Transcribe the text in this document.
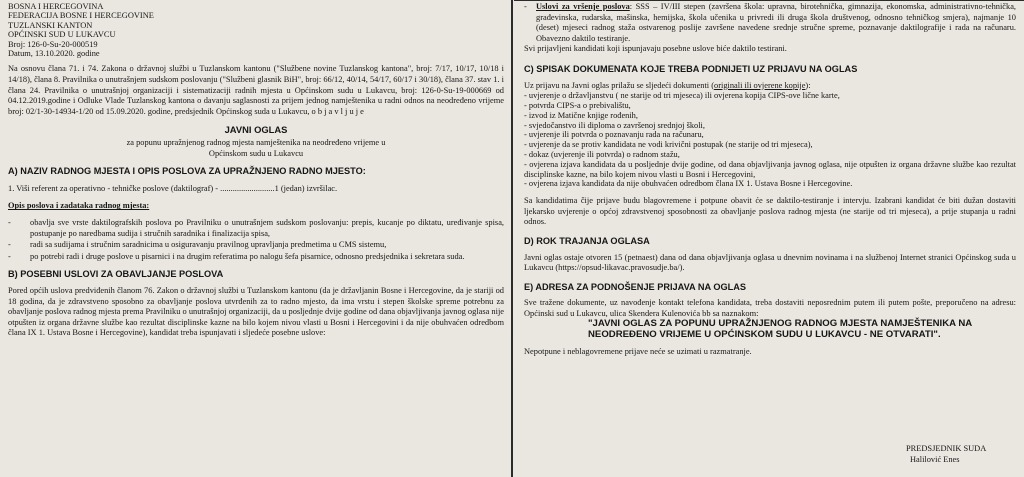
BOSNA I HERCEGOVINA

FEDERACIJA BOSNE I HERCEGOVINE

TUZLANSKI KANTON

OPĆINSKI SUD U LUKAVCU

Broj: 126-0-Su-20-000519

Datum, 13.10.2020. godine

Na osnovu člana 71. i 74. Zakona o državnoj službi u Tuzlanskom kantonu ("Službene novine Tuzlanskog kantona", broj: 7/17, 10/17, 10/18 i 14/18), člana 8. Pravilnika o unutrašnjem sudskom poslovanju ("Službeni glasnik BiH", broj: 66/12, 40/14, 54/17, 60/17 i 30/18), člana 37. stav 1. i člana 24. Pravilnika o unutrašnjoj organizaciji i sistematizaciji radnih mjesta u Općinskom sudu u Lukavcu, broj: 126-0-Su-19-000669 od 04.12.2019.godine i Odluke Vlade Tuzlanskog kantona o davanju saglasnosti za prijem jednog namještenika u radni odnos na neodređeno vrijeme broj: 02/1-30-14934-1/20 od 15.09.2020. godine, predsjednik Općinskog suda u Lukavcu, o b j a v l j u j e

JAVNI OGLAS

za popunu upražnjenog radnog mjesta namještenika na neodređeno vrijeme u Općinskom sudu u Lukavcu

A) NAZIV RADNOG MJESTA I OPIS POSLOVA ZA UPRAŽNJENO RADNO MJESTO:

1. Viši referent za operativno - tehničke poslove (daktilograf) - ..........................1 (jedan) izvršilac.

Opis poslova i zadataka radnog mjesta:

-	obavlja sve vrste daktilografskih poslova po Pravilniku o unutrašnjem sudskom poslovanju: prepis, kucanje po diktatu, uređivanje spisa, postupanje po naredbama sudija i stručnih saradnika i finalizacija spisa,
-	radi sa sudijama i stručnim saradnicima u osiguravanju pravilnog upravljanja predmetima u CMS sistemu,
-	po potrebi radi i druge poslove u pisarnici i na drugim referatima po nalogu šefa pisarnice, odnosno predsjednika i sekretara suda.

B) POSEBNI USLOVI ZA OBAVLJANJE POSLOVA

Pored općih uslova predviđenih članom 76. Zakon o državnoj službi u Tuzlanskom kantonu (da je državljanin Bosne i Hercegovine, da je stariji od 18 godina, da je zdravstveno sposobno za obavljanje poslova utvrđenih za to radno mjesto, da ima vrstu i stepen školske spreme potrebnu za obavljanje poslova radnog mjesta prema Pravilniku o unutrašnjoj organizaciji, da u posljednje dvije godine od dana objavljivanja javnog oglasa nije otpušten iz organa državne službe kao rezultat disciplinske kazne na bilo kojem nivou vlasti u Bosni i Hercegovini i da nije obuhvaćen odredbom člana IX 1. Ustava Bosne i Hercegovine), kandidat treba ispunjavati i sljedeće posebne uslove:

-	Uslovi za vršenje poslova: SSS – IV/III stepen (završena škola: upravna, birotehnička, gimnazija, ekonomska, administrativno-tehnička, građevinska, rudarska, mašinska, hemijska, škola učenika u privredi ili druga škola društvenog, odnosno tehničkog smjera), najmanje 10 (deset) mjeseci radnog staža ostvarenog poslije završene navedene srednje stručne spreme, poznavanje daktilografije i rada na računaru. Obavezno daktilo testiranje.

Svi prijavljeni kandidati koji ispunjavaju posebne uslove biće daktilo testirani.

C) SPISAK DOKUMENATA KOJE TREBA PODNIJETI UZ PRIJAVU NA OGLAS

Uz prijavu na Javni oglas prilažu se sljedeći dokumenti (originali ili ovjerene kopije):

- uvjerenje o državljanstvu ( ne starije od tri mjeseca) ili ovjerena kopija CIPS-ove lične karte,
- potvrda CIPS-a o prebivalištu,
- izvod iz Matične knjige rođenih,
- svjedočanstvo ili diploma o završenoj srednjoj školi,
- uvjerenje ili potvrda o poznavanju rada na računaru,
- uvjerenje da se protiv kandidata ne vodi krivični postupak (ne starije od tri mjeseca),
- dokaz (uvjerenje ili potvrda) o radnom stažu,
- ovjerena izjava kandidata da u posljednje dvije godine, od dana objavljivanja javnog oglasa, nije otpušten iz organa državne službe kao rezultat disciplinske kazne, na bilo kojem nivou vlasti u Bosni i Hercegovini,
- ovjerena izjava kandidata da nije obuhvaćen odredbom člana IX 1. Ustava Bosne i Hercegovine.

Sa kandidatima čije prijave budu blagovremene i potpune obavit će se daktilo-testiranje i intervju. Izabrani kandidat će biti dužan dostaviti ljekarsko uvjerenje o općoj zdravstvenoj sposobnosti za obavljanje poslova radnog mjesta (ne starije od tri mjeseca), a prije stupanja u radni odnos.

D) ROK TRAJANJA OGLASA

Javni oglas ostaje otvoren 15 (petnaest) dana od dana objavljivanja oglasa u dnevnim novinama i na službenoj Internet stranici Općinskog suda u Lukavcu (https://opsud-likavac.pravosudje.ba/).

E) ADRESA ZA PODNOŠENJE PRIJAVA NA OGLAS

Sve tražene dokumente, uz navođenje kontakt telefona kandidata, treba dostaviti neposrednim putem ili putem pošte, preporučeno na adresu: Općinski sud u Lukavcu, ulica Skendera Kulenovića bb sa naznakom:

"JAVNI OGLAS ZA POPUNU UPRAŽNJENOG RADNOG MJESTA NAMJEŠTENIKA NA NEODREĐENO VRIJEME U OPĆINSKOM SUDU U LUKAVCU - NE OTVARATI".

Nepotpune i neblagovremene prijave neće se uzimati u razmatranje.

PREDSJEDNIK SUDA

Halilović Enes
